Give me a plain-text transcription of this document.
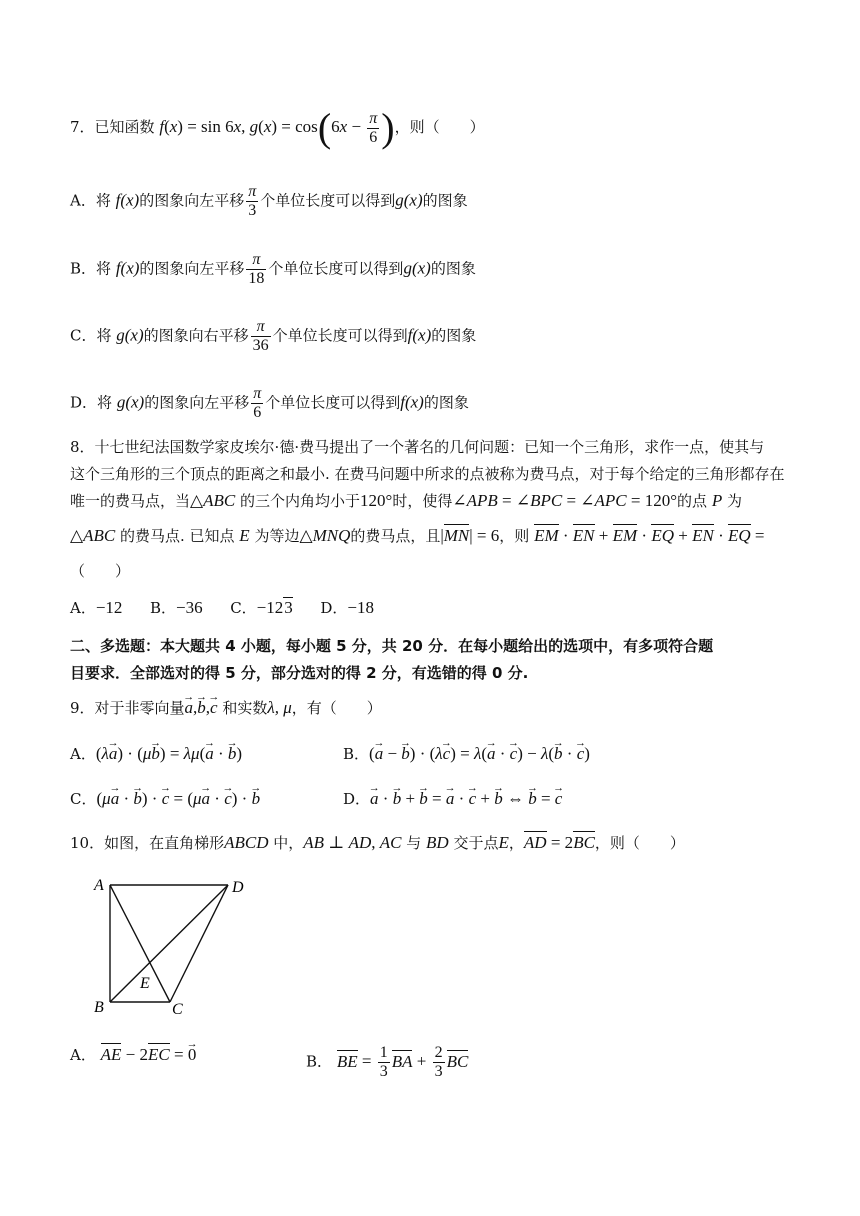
7．已知函数 f(x) = sin 6x, $g(x) = \cos(6x - \frac{\pi}{6}$ )，则（　　）
A．将 f(x)的图象向左平移 $\frac{\pi}{3}$ 个单位长度可以得到g(x)的图象
B．将 f(x)的图象向左平移 $\frac{\pi}{18}$ 个单位长度可以得到g(x)的图象
C．将 g(x)的图象向右平移 $\frac{\pi}{36}$ 个单位长度可以得到f(x)的图象
D．将 g(x)的图象向左平移 $\frac{\pi}{6}$ 个单位长度可以得到f(x)的图象
8．十七世纪法国数学家皮埃尔·德·费马提出了一个著名的几何问题：已知一个三角形，求作一点，使其与
这个三角形的三个顶点的距离之和最小. 在费马问题中所求的点被称为费马点，对于每个给定的三角形都存在
唯一的费马点，当△ABC 的三个内角均小于120°时，使得∠APB = ∠BPC = ∠APC = 120°的点 P 为
△ABC 的费马点. 已知点 E 为等边△MNQ的费马点，且|MN| = 6，则 EM · EN + EM · EQ + EN · EQ =
（　　）
A．−12 B．−36 C．−123 D．−18
二、多选题：本大题共 4 小题，每小题 5 分，共 20 分．在每小题给出的选项中，有多项符合题
目要求．全部选对的得 5 分，部分选对的得 2 分，有选错的得 0 分.
9．对于非零向量→ a,→ b,→ c 和实数λ, μ，有（　　）
A．(λ→ a) · (μ→ b) = λμ(→ a · → b)	B．(→ a − → b) · (λ→ c) = λ(→ a · → c) − λ(→ b · → c)
C．(μ→ a · → b) · → c = (μ→ a · → c) · → b	D．→ a · → b + → b = → a · → c + → b ⇔ → b = → c
10．如图，在直角梯形ABCD 中，AB ⊥ AD, AC 与 BD 交于点E，AD = 2BC，则（　　）
A	D
B	C
E
A． AE − 2EC = → 0	B． BE = $\frac{1}{3}$ BA + $\frac{2}{3}$ BC
